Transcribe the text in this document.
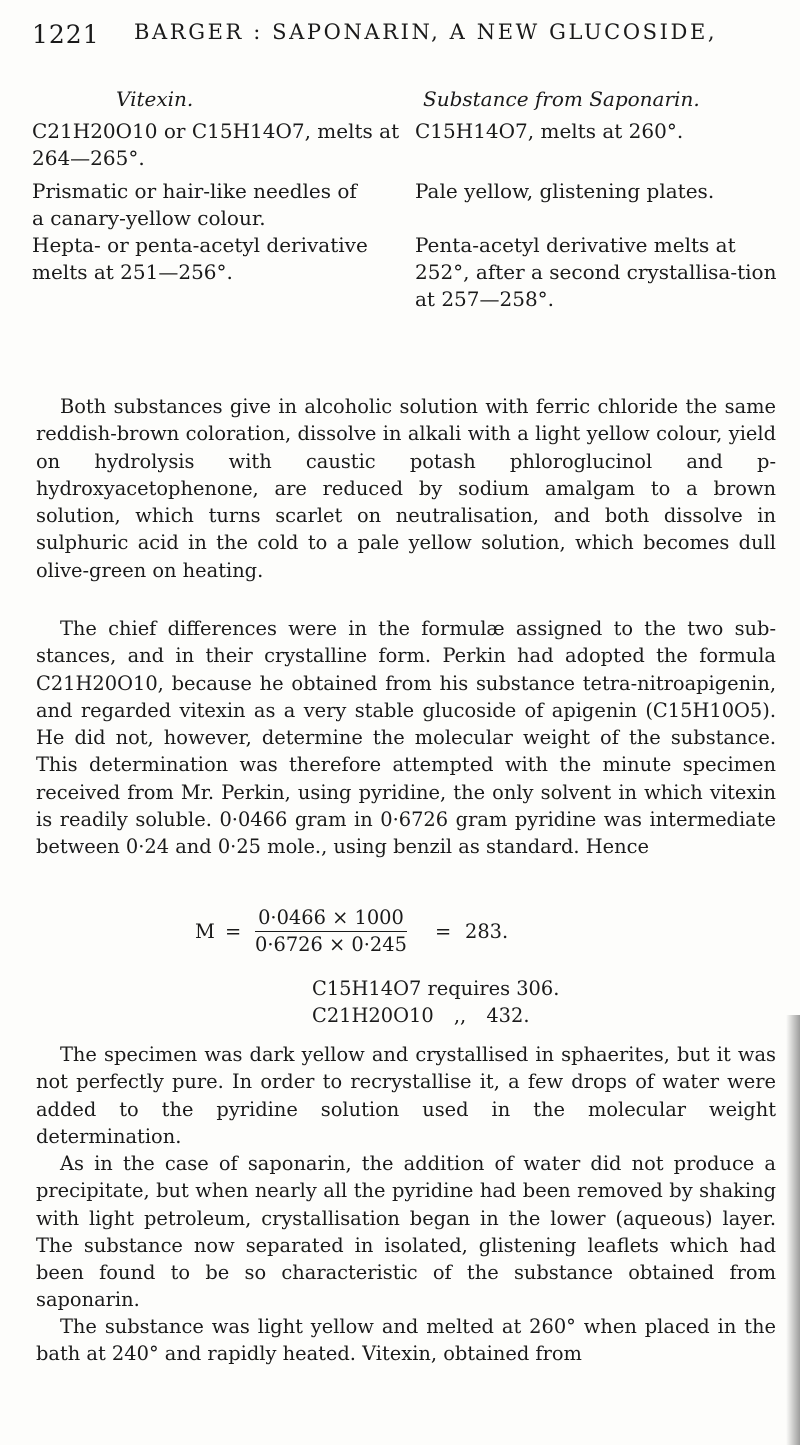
1221 BARGER : SAPONARIN, A NEW GLUCOSIDE,
Vitexin.
C21H20O10 or C15H14O7, melts at

264—265°.

Prismatic or hair-like needles of a canary-yellow colour.

Hepta- or penta-acetyl derivative melts at 251—256°.

Substance from Saponarin.
C15H14O7, melts at 260°.

Pale yellow, glistening plates.

Penta-acetyl derivative melts at 252°, after a second crystallisa-tion at 257—258°.

Both substances give in alcoholic solution with ferric chloride the same reddish-brown coloration, dissolve in alkali with a light yellow colour, yield on hydrolysis with caustic potash phloroglucinol and p-hydroxyacetophenone, are reduced by sodium amalgam to a brown solution, which turns scarlet on neutralisation, and both dissolve in sulphuric acid in the cold to a pale yellow solution, which becomes dull olive-green on heating.

The chief differences were in the formulæ assigned to the two sub-stances, and in their crystalline form. Perkin had adopted the formula C21H20O10, because he obtained from his substance tetra-nitroapigenin, and regarded vitexin as a very stable glucoside of apigenin (C15H10O5). He did not, however, determine the molecular weight of the substance. This determination was therefore attempted with the minute specimen received from Mr. Perkin, using pyridine, the only solvent in which vitexin is readily soluble. 0·0466 gram in 0·6726 gram pyridine was intermediate between 0·24 and 0·25 mole., using benzil as standard. Hence

$M = \frac{0\cdot 0466 \times 1000}{0\cdot 6726 \times 0\cdot 245} = 283$.
C15H14O7 requires 306.
C21H20O10 ,, 432.

The specimen was dark yellow and crystallised in sphaerites, but it was not perfectly pure. In order to recrystallise it, a few drops of water were added to the pyridine solution used in the molecular weight determination.

As in the case of saponarin, the addition of water did not produce a precipitate, but when nearly all the pyridine had been removed by shaking with light petroleum, crystallisation began in the lower (aqueous) layer. The substance now separated in isolated, glistening leaflets which had been found to be so characteristic of the substance obtained from saponarin.

The substance was light yellow and melted at 260° when placed in the bath at 240° and rapidly heated. Vitexin, obtained from
